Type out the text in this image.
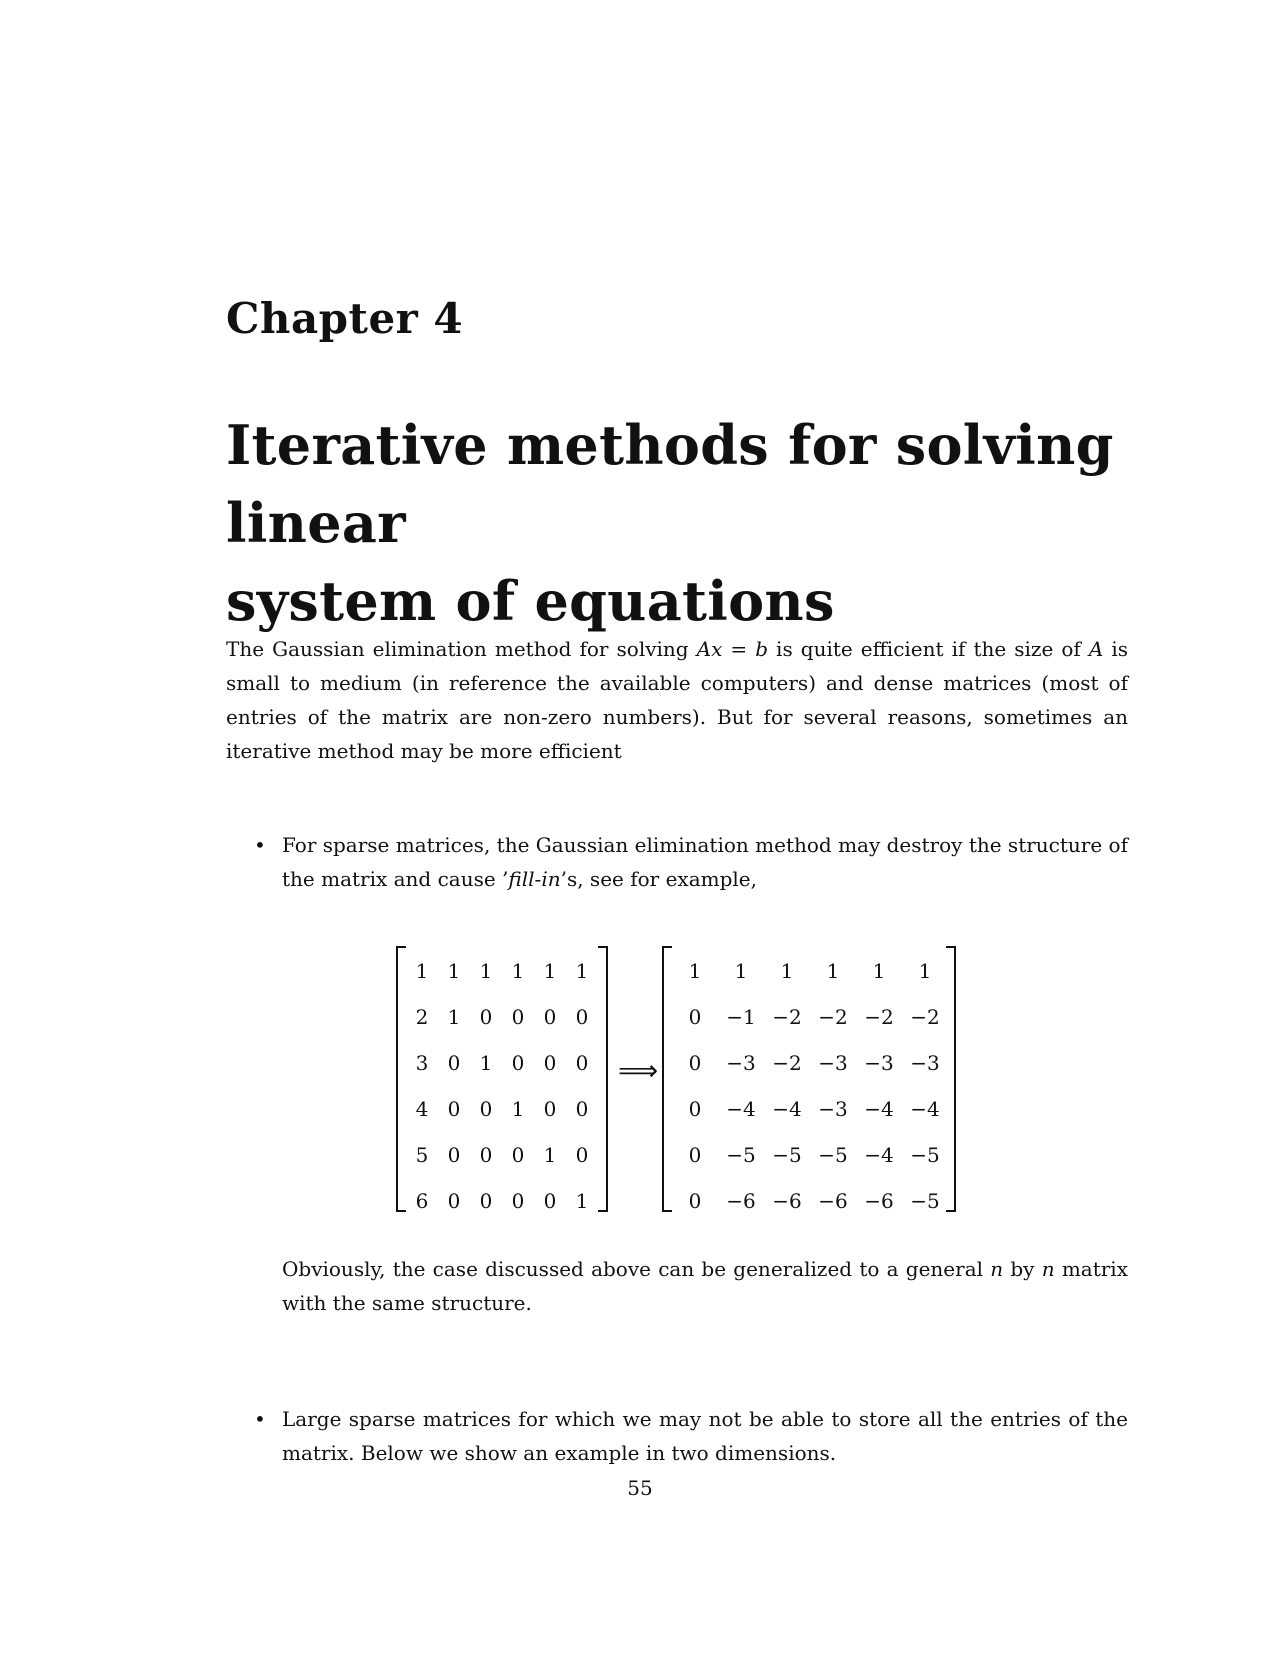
Chapter 4
Iterative methods for solving linear
system of equations
The Gaussian elimination method for solving Ax = b is quite efficient if the size of A is small to medium (in reference the available computers) and dense matrices (most of entries of the matrix are non-zero numbers). But for several reasons, sometimes an iterative method may be more efficient
• For sparse matrices, the Gaussian elimination method may destroy the structure of the matrix and cause ’fill-in’s, see for example,
1	1	1	1	1	1
2	1	0	0	0	0
3	0	1	0	0	0
4	0	0	1	0	0
5	0	0	0	1	0
6	0	0	0	0	1
⟹
1	1	1	1	1	1
0	−1	−2	−2	−2	−2
0	−3	−2	−3	−3	−3
0	−4	−4	−3	−4	−4
0	−5	−5	−5	−4	−5
0	−6	−6	−6	−6	−5
Obviously, the case discussed above can be generalized to a general n by n matrix with the same structure.
• Large sparse matrices for which we may not be able to store all the entries of the matrix. Below we show an example in two dimensions.
55
